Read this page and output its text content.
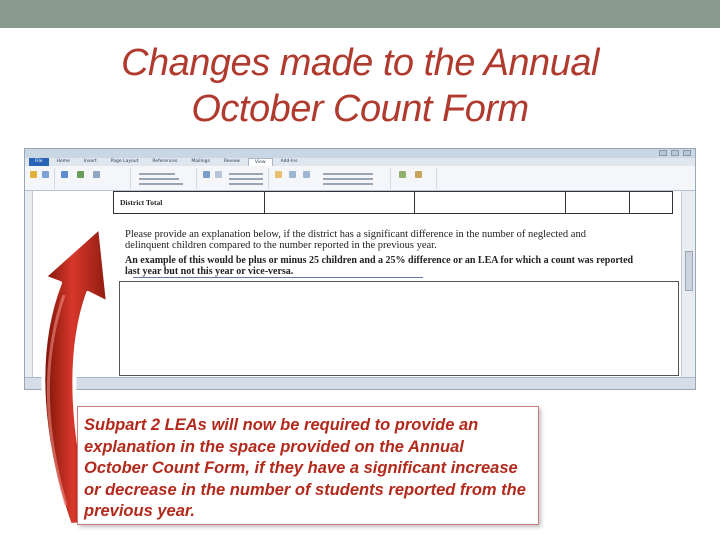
Changes made to the Annual
October Count Form
File	Home	Insert	Page Layout	References	Mailings	Review	View	Add-Ins
District Total				
Please provide an explanation below, if the district has a significant difference in the number of neglected and delinquent children compared to the number reported in the previous year.
An example of this would be plus or minus 25 children and a 25% difference or an LEA for which a count was reported last year but not this year or vice-versa.
Subpart 2 LEAs will now be required to provide an explanation in the space provided on the Annual October Count Form, if they have a significant increase or decrease in the number of students reported from the previous year.
